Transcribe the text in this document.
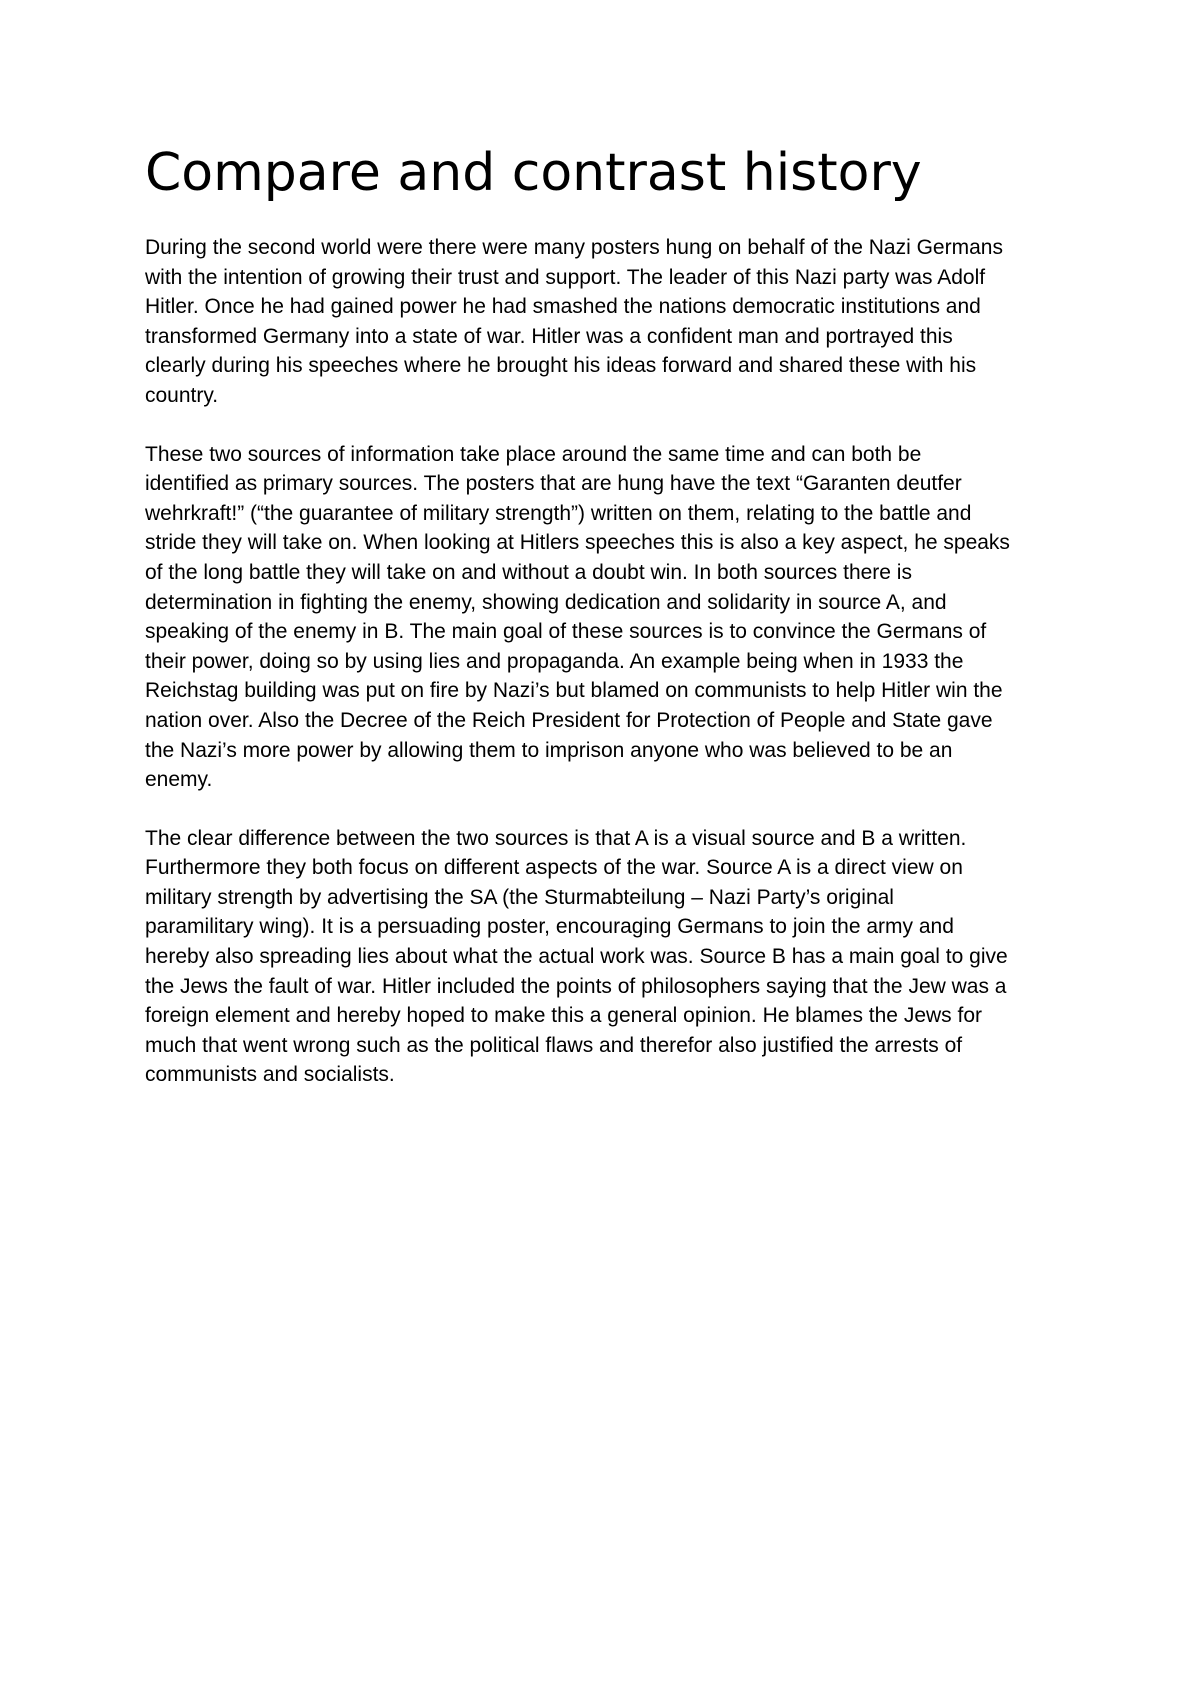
Compare and contrast history

During the second world were there were many posters hung on behalf of the Nazi Germans
with the intention of growing their trust and support. The leader of this Nazi party was Adolf
Hitler. Once he had gained power he had smashed the nations democratic institutions and
transformed Germany into a state of war. Hitler was a confident man and portrayed this
clearly during his speeches where he brought his ideas forward and shared these with his
country.

These two sources of information take place around the same time and can both be
identified as primary sources. The posters that are hung have the text “Garanten deutfer
wehrkraft!” (“the guarantee of military strength”) written on them, relating to the battle and
stride they will take on. When looking at Hitlers speeches this is also a key aspect, he speaks
of the long battle they will take on and without a doubt win. In both sources there is
determination in fighting the enemy, showing dedication and solidarity in source A, and
speaking of the enemy in B. The main goal of these sources is to convince the Germans of
their power, doing so by using lies and propaganda. An example being when in 1933 the
Reichstag building was put on fire by Nazi’s but blamed on communists to help Hitler win the
nation over. Also the Decree of the Reich President for Protection of People and State gave
the Nazi’s more power by allowing them to imprison anyone who was believed to be an
enemy.

The clear difference between the two sources is that A is a visual source and B a written.
Furthermore they both focus on different aspects of the war. Source A is a direct view on
military strength by advertising the SA (the Sturmabteilung – Nazi Party’s original
paramilitary wing). It is a persuading poster, encouraging Germans to join the army and
hereby also spreading lies about what the actual work was. Source B has a main goal to give
the Jews the fault of war. Hitler included the points of philosophers saying that the Jew was a
foreign element and hereby hoped to make this a general opinion. He blames the Jews for
much that went wrong such as the political flaws and therefor also justified the arrests of
communists and socialists.
